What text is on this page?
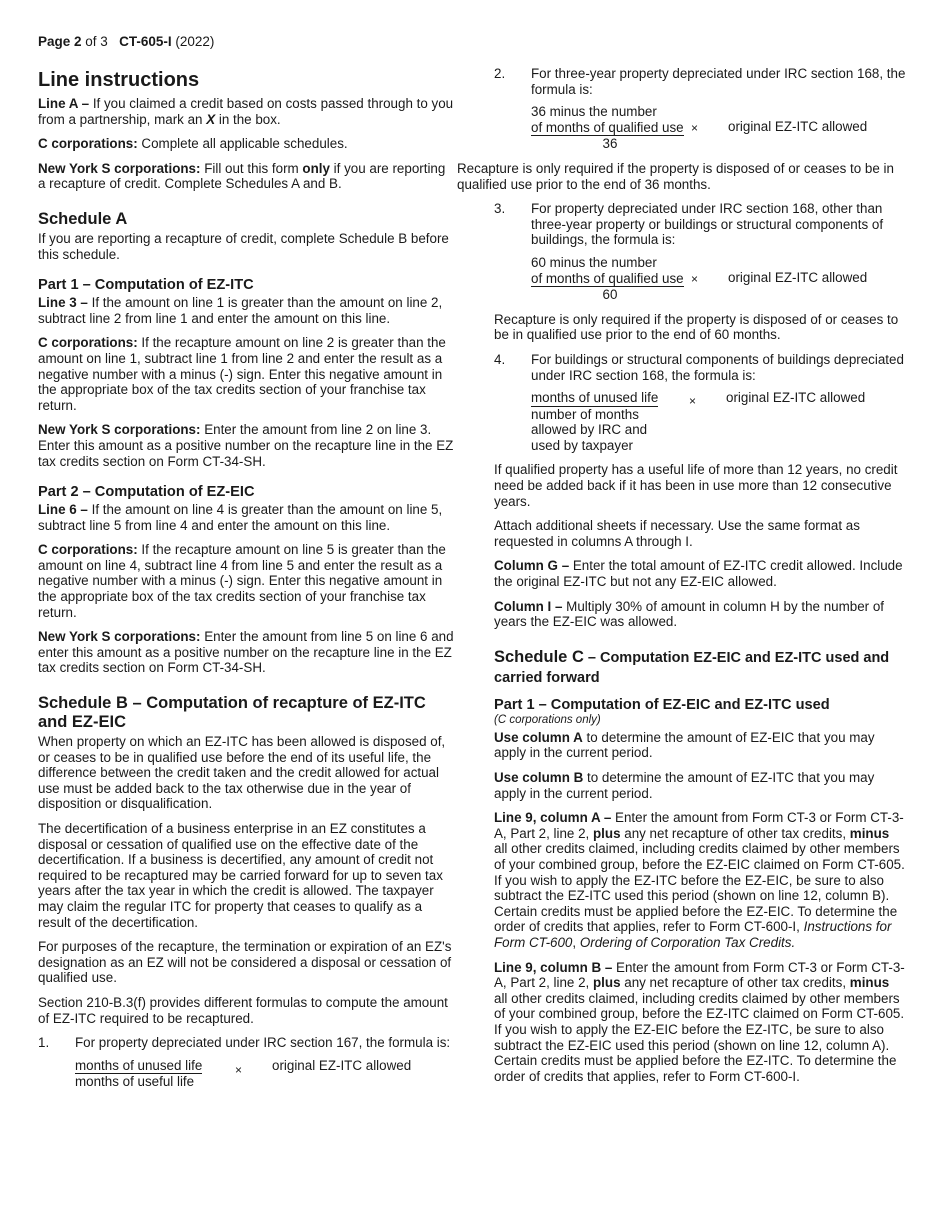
Page 2 of 3 CT-605-I (2022)
Line instructions

Line A – If you claimed a credit based on costs passed through to you from a partnership, mark an X in the box.

C corporations: Complete all applicable schedules.

New York S corporations: Fill out this form only if you are reporting a recapture of credit. Complete Schedules A and B.

Schedule A

If you are reporting a recapture of credit, complete Schedule B before this schedule.

Part 1 – Computation of EZ-ITC

Line 3 – If the amount on line 1 is greater than the amount on line 2, subtract line 2 from line 1 and enter the amount on this line.

C corporations: If the recapture amount on line 2 is greater than the amount on line 1, subtract line 1 from line 2 and enter the result as a negative number with a minus (-) sign. Enter this negative amount in the appropriate box of the tax credits section of your franchise tax return.

New York S corporations: Enter the amount from line 2 on line 3. Enter this amount as a positive number on the recapture line in the EZ tax credits section on Form CT-34-SH.

Part 2 – Computation of EZ-EIC

Line 6 – If the amount on line 4 is greater than the amount on line 5, subtract line 5 from line 4 and enter the amount on this line.

C corporations: If the recapture amount on line 5 is greater than the amount on line 4, subtract line 4 from line 5 and enter the result as a negative number with a minus (-) sign. Enter this negative amount in the appropriate box of the tax credits section of your franchise tax return.

New York S corporations: Enter the amount from line 5 on line 6 and enter this amount as a positive number on the recapture line in the EZ tax credits section on Form CT-34-SH.

Schedule B – Computation of recapture of EZ-ITC and EZ-EIC

When property on which an EZ-ITC has been allowed is disposed of, or ceases to be in qualified use before the end of its useful life, the difference between the credit taken and the credit allowed for actual use must be added back to the tax otherwise due in the year of disposition or disqualification.

The decertification of a business enterprise in an EZ constitutes a disposal or cessation of qualified use on the effective date of the decertification. If a business is decertified, any amount of credit not required to be recaptured may be carried forward for up to seven tax years after the tax year in which the credit is allowed. The taxpayer may claim the regular ITC for property that ceases to qualify as a result of the decertification.

For purposes of the recapture, the termination or expiration of an EZ's designation as an EZ will not be considered a disposal or cessation of qualified use.

Section 210-B.3(f) provides different formulas to compute the amount of EZ-ITC required to be recaptured.

1. For property depreciated under IRC section 167, the formula is:
$\frac{\text{months of unused life}}{\text{months of useful life}}$ ×	original EZ-ITC allowed
2. For three-year property depreciated under IRC section 168, the formula is:
36 minus the number
of months of qualified use
36
×	original EZ-ITC allowed

Recapture is only required if the property is disposed of or ceases to be in qualified use prior to the end of 36 months.

3. For property depreciated under IRC section 168, other than three-year property or buildings or structural components of buildings, the formula is:
60 minus the number
of months of qualified use
60
×	original EZ-ITC allowed

Recapture is only required if the property is disposed of or ceases to be in qualified use prior to the end of 60 months.

4. For buildings or structural components of buildings depreciated under IRC section 168, the formula is:
$\frac{\text{months of unused life}}{\text{number of months allowed by IRC and used by taxpayer}}$ ×	original EZ-ITC allowed

If qualified property has a useful life of more than 12 years, no credit need be added back if it has been in use more than 12 consecutive years.

Attach additional sheets if necessary. Use the same format as requested in columns A through I.

Column G – Enter the total amount of EZ-ITC credit allowed. Include the original EZ-ITC but not any EZ-EIC allowed.

Column I – Multiply 30% of amount in column H by the number of years the EZ-EIC was allowed.

Schedule C – Computation EZ-EIC and EZ-ITC used and carried forward
Part 1 – Computation of EZ-EIC and EZ-ITC used
(C corporations only)

Use column A to determine the amount of EZ-EIC that you may apply in the current period.

Use column B to determine the amount of EZ-ITC that you may apply in the current period.

Line 9, column A – Enter the amount from Form CT-3 or Form CT-3-A, Part 2, line 2, plus any net recapture of other tax credits, minus all other credits claimed, including credits claimed by other members of your combined group, before the EZ-EIC claimed on Form CT-605. If you wish to apply the EZ-ITC before the EZ-EIC, be sure to also subtract the EZ-ITC used this period (shown on line 12, column B). Certain credits must be applied before the EZ-EIC. To determine the order of credits that applies, refer to Form CT-600-I, Instructions for Form CT-600, Ordering of Corporation Tax Credits.

Line 9, column B – Enter the amount from Form CT-3 or Form CT-3-A, Part 2, line 2, plus any net recapture of other tax credits, minus all other credits claimed, including credits claimed by other members of your combined group, before the EZ-ITC claimed on Form CT-605. If you wish to apply the EZ-EIC before the EZ-ITC, be sure to also subtract the EZ-EIC used this period (shown on line 12, column A). Certain credits must be applied before the EZ-ITC. To determine the order of credits that applies, refer to Form CT-600-I.
